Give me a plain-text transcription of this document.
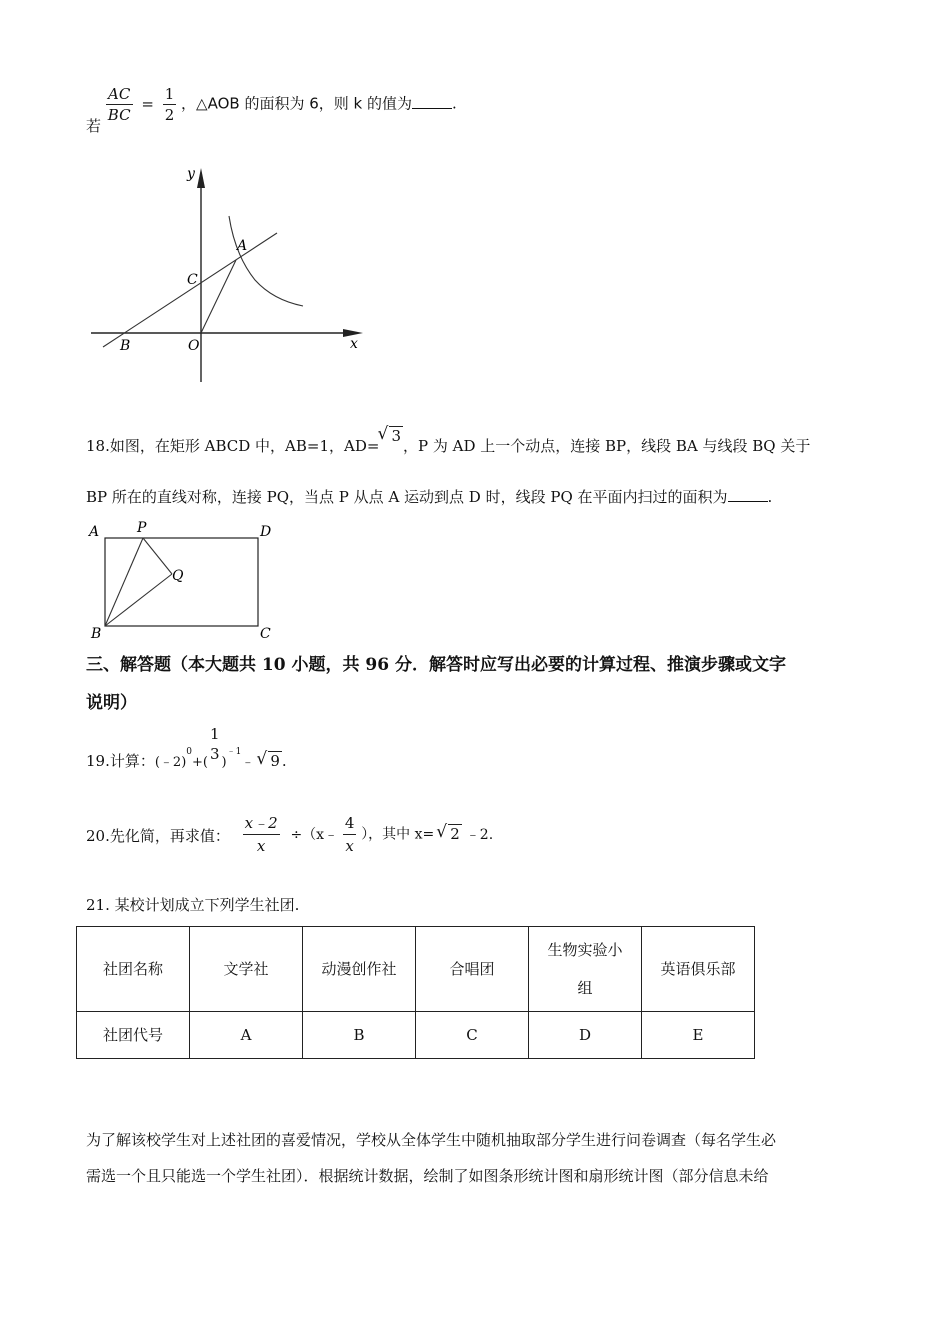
若
$\frac{AC}{BC} = \frac{1}{2}$ ，△AOB 的面积为 6，则 k 的值为	.
y
x
A
C
B	O
18.如图，在矩形 ABCD 中，AB=1，AD=√ 3，P 为 AD 上一个动点，连接 BP，线段 BA 与线段 BQ 关于
BP 所在的直线对称，连接 PQ，当点 P 从点 A 运动到点 D 时，线段 PQ 在平面内扫过的面积为	.
A	P	D
Q
B	C
三、解答题（本大题共 10 小题，共 96 分．解答时应写出必要的计算过程、推演步骤或文字
说明）
19.计算：(﹣2)$^0$+(
1
3 )$^{﹣1}$﹣ √ 9 .
20.先化简，再求值： $\frac{x﹣2}{x}$ ÷（x﹣ $\frac{4}{x}$ ），其中 x= √ 2 ﹣2.
21. 某校计划成立下列学生社团.
社团名称	文学社	动漫创作社	合唱团	生物实验小组	英语俱乐部
社团代号	A	B	C	D	E
为了解该校学生对上述社团的喜爱情况，学校从全体学生中随机抽取部分学生进行问卷调查（每名学生必
需选一个且只能选一个学生社团）．根据统计数据，绘制了如图条形统计图和扇形统计图（部分信息未给
